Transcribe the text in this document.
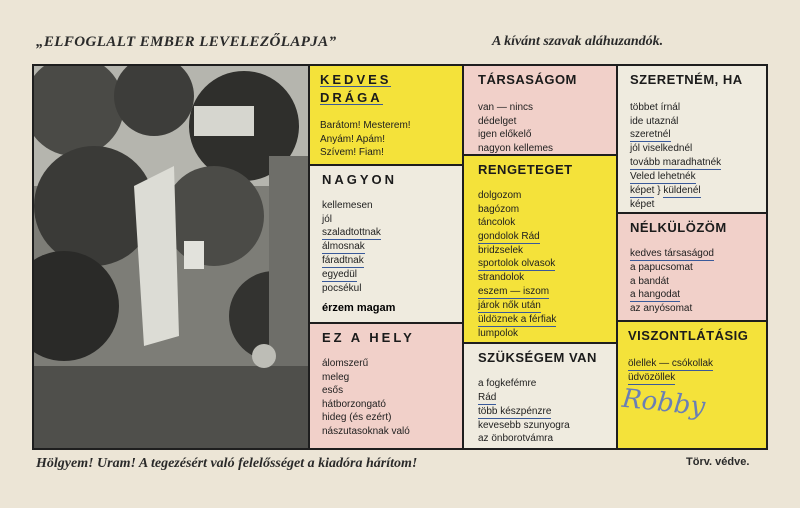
„ELFOGLALT EMBER LEVELEZŐLAPJA”	A kívánt szavak aláhuzandók.
KEDVES
DRÁGA
Barátom! Mesterem!
Anyám! Apám!
Szívem! Fiam!
NAGYON
kellemesen
jól
szaladtottnak
álmosnak
fáradtnak
egyedül
pocsékul
érzem magam
EZ A HELY
álomszerű
meleg
esős
hátborzongató
hideg (és ezért)
nászutasoknak való
TÁRSASÁGOM
van — nincs
dédelget
igen előkelő
nagyon kellemes
RENGETEGET
dolgozom
bagózom
táncolok
gondolok Rád
bridzselek
sportolok olvasok
strandolok
eszem — iszom
járok nők után
üldöznek a férfiak
lumpolok
SZÜKSÉGEM VAN
a fogkefémre
Rád
több készpénzre
kevesebb szunyogra
az önborotvámra
SZERETNÉM, HA
többet írnál
ide utaznál
szeretnél
jól viselkednél
tovább maradhatnék
Veled lehetnék
képet } küldenél
képet
NÉLKÜLÖZÖM
kedves társaságod
a papucsomat
a bandát
a hangodat
az anyósomat
VISZONTLÁTÁSIG
ölellek — csókollak
üdvözöllek
Robby
Hölgyem! Uram! A tegezésért való felelősséget a kiadóra hárítom!	Törv. védve.
